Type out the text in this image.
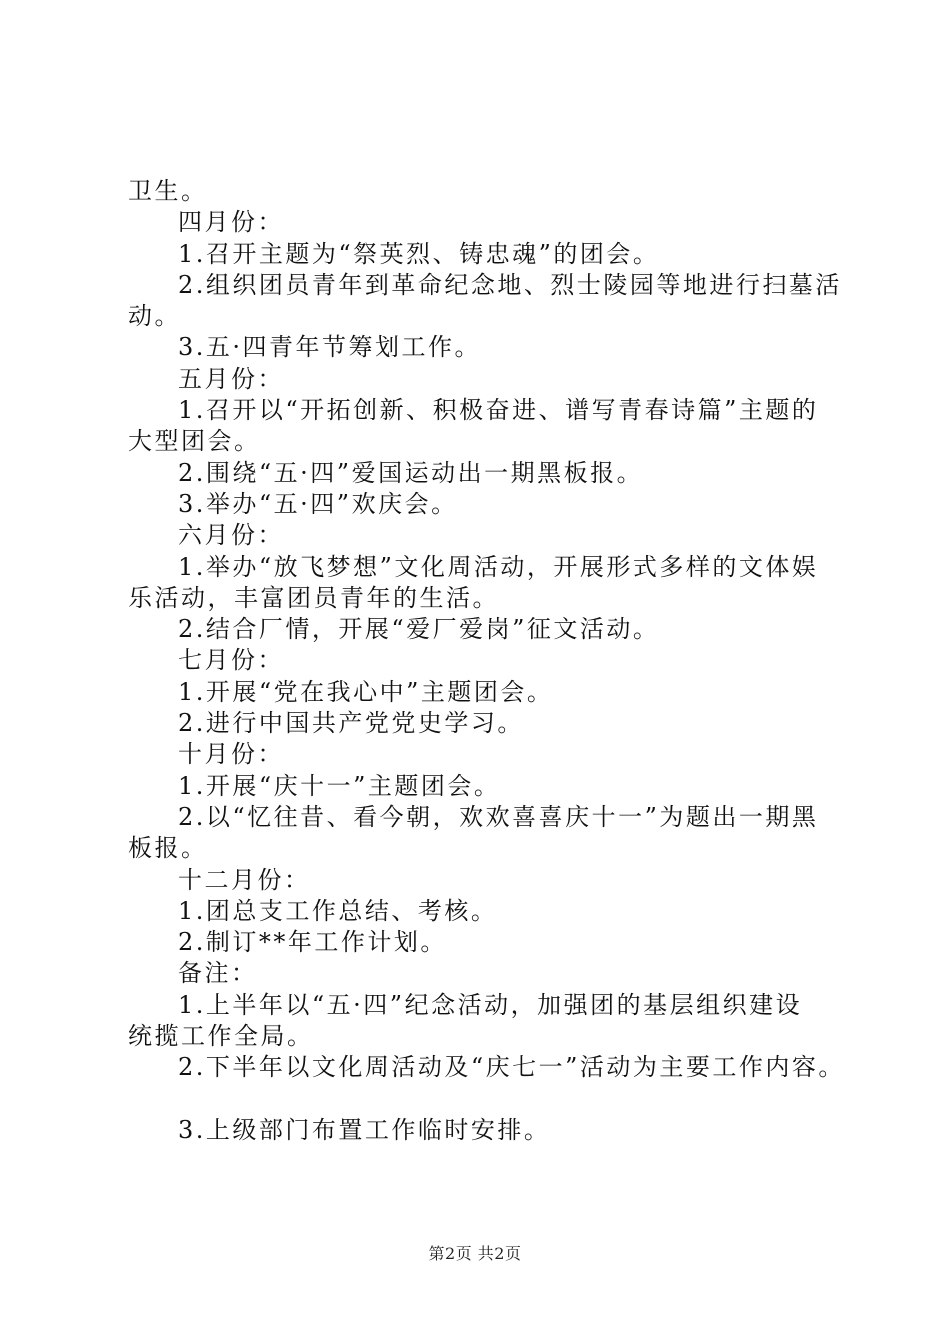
卫生。
四月份：
1.召开主题为“祭英烈、铸忠魂”的团会。
2.组织团员青年到革命纪念地、烈士陵园等地进行扫墓活
动。
3.五·四青年节筹划工作。
五月份：
1.召开以“开拓创新、积极奋进、谱写青春诗篇”主题的
大型团会。
2.围绕“五·四”爱国运动出一期黑板报。
3.举办“五·四”欢庆会。
六月份：
1.举办“放飞梦想”文化周活动，开展形式多样的文体娱
乐活动，丰富团员青年的生活。
2.结合厂情，开展“爱厂爱岗”征文活动。
七月份：
1.开展“党在我心中”主题团会。
2.进行中国共产党党史学习。
十月份：
1.开展“庆十一”主题团会。
2.以“忆往昔、看今朝，欢欢喜喜庆十一”为题出一期黑
板报。
十二月份：
1.团总支工作总结、考核。
2.制订**年工作计划。
备注：
1.上半年以“五·四”纪念活动，加强团的基层组织建设
统揽工作全局。
2.下半年以文化周活动及“庆七一”活动为主要工作内容。
3.上级部门布置工作临时安排。
第2页 共2页
